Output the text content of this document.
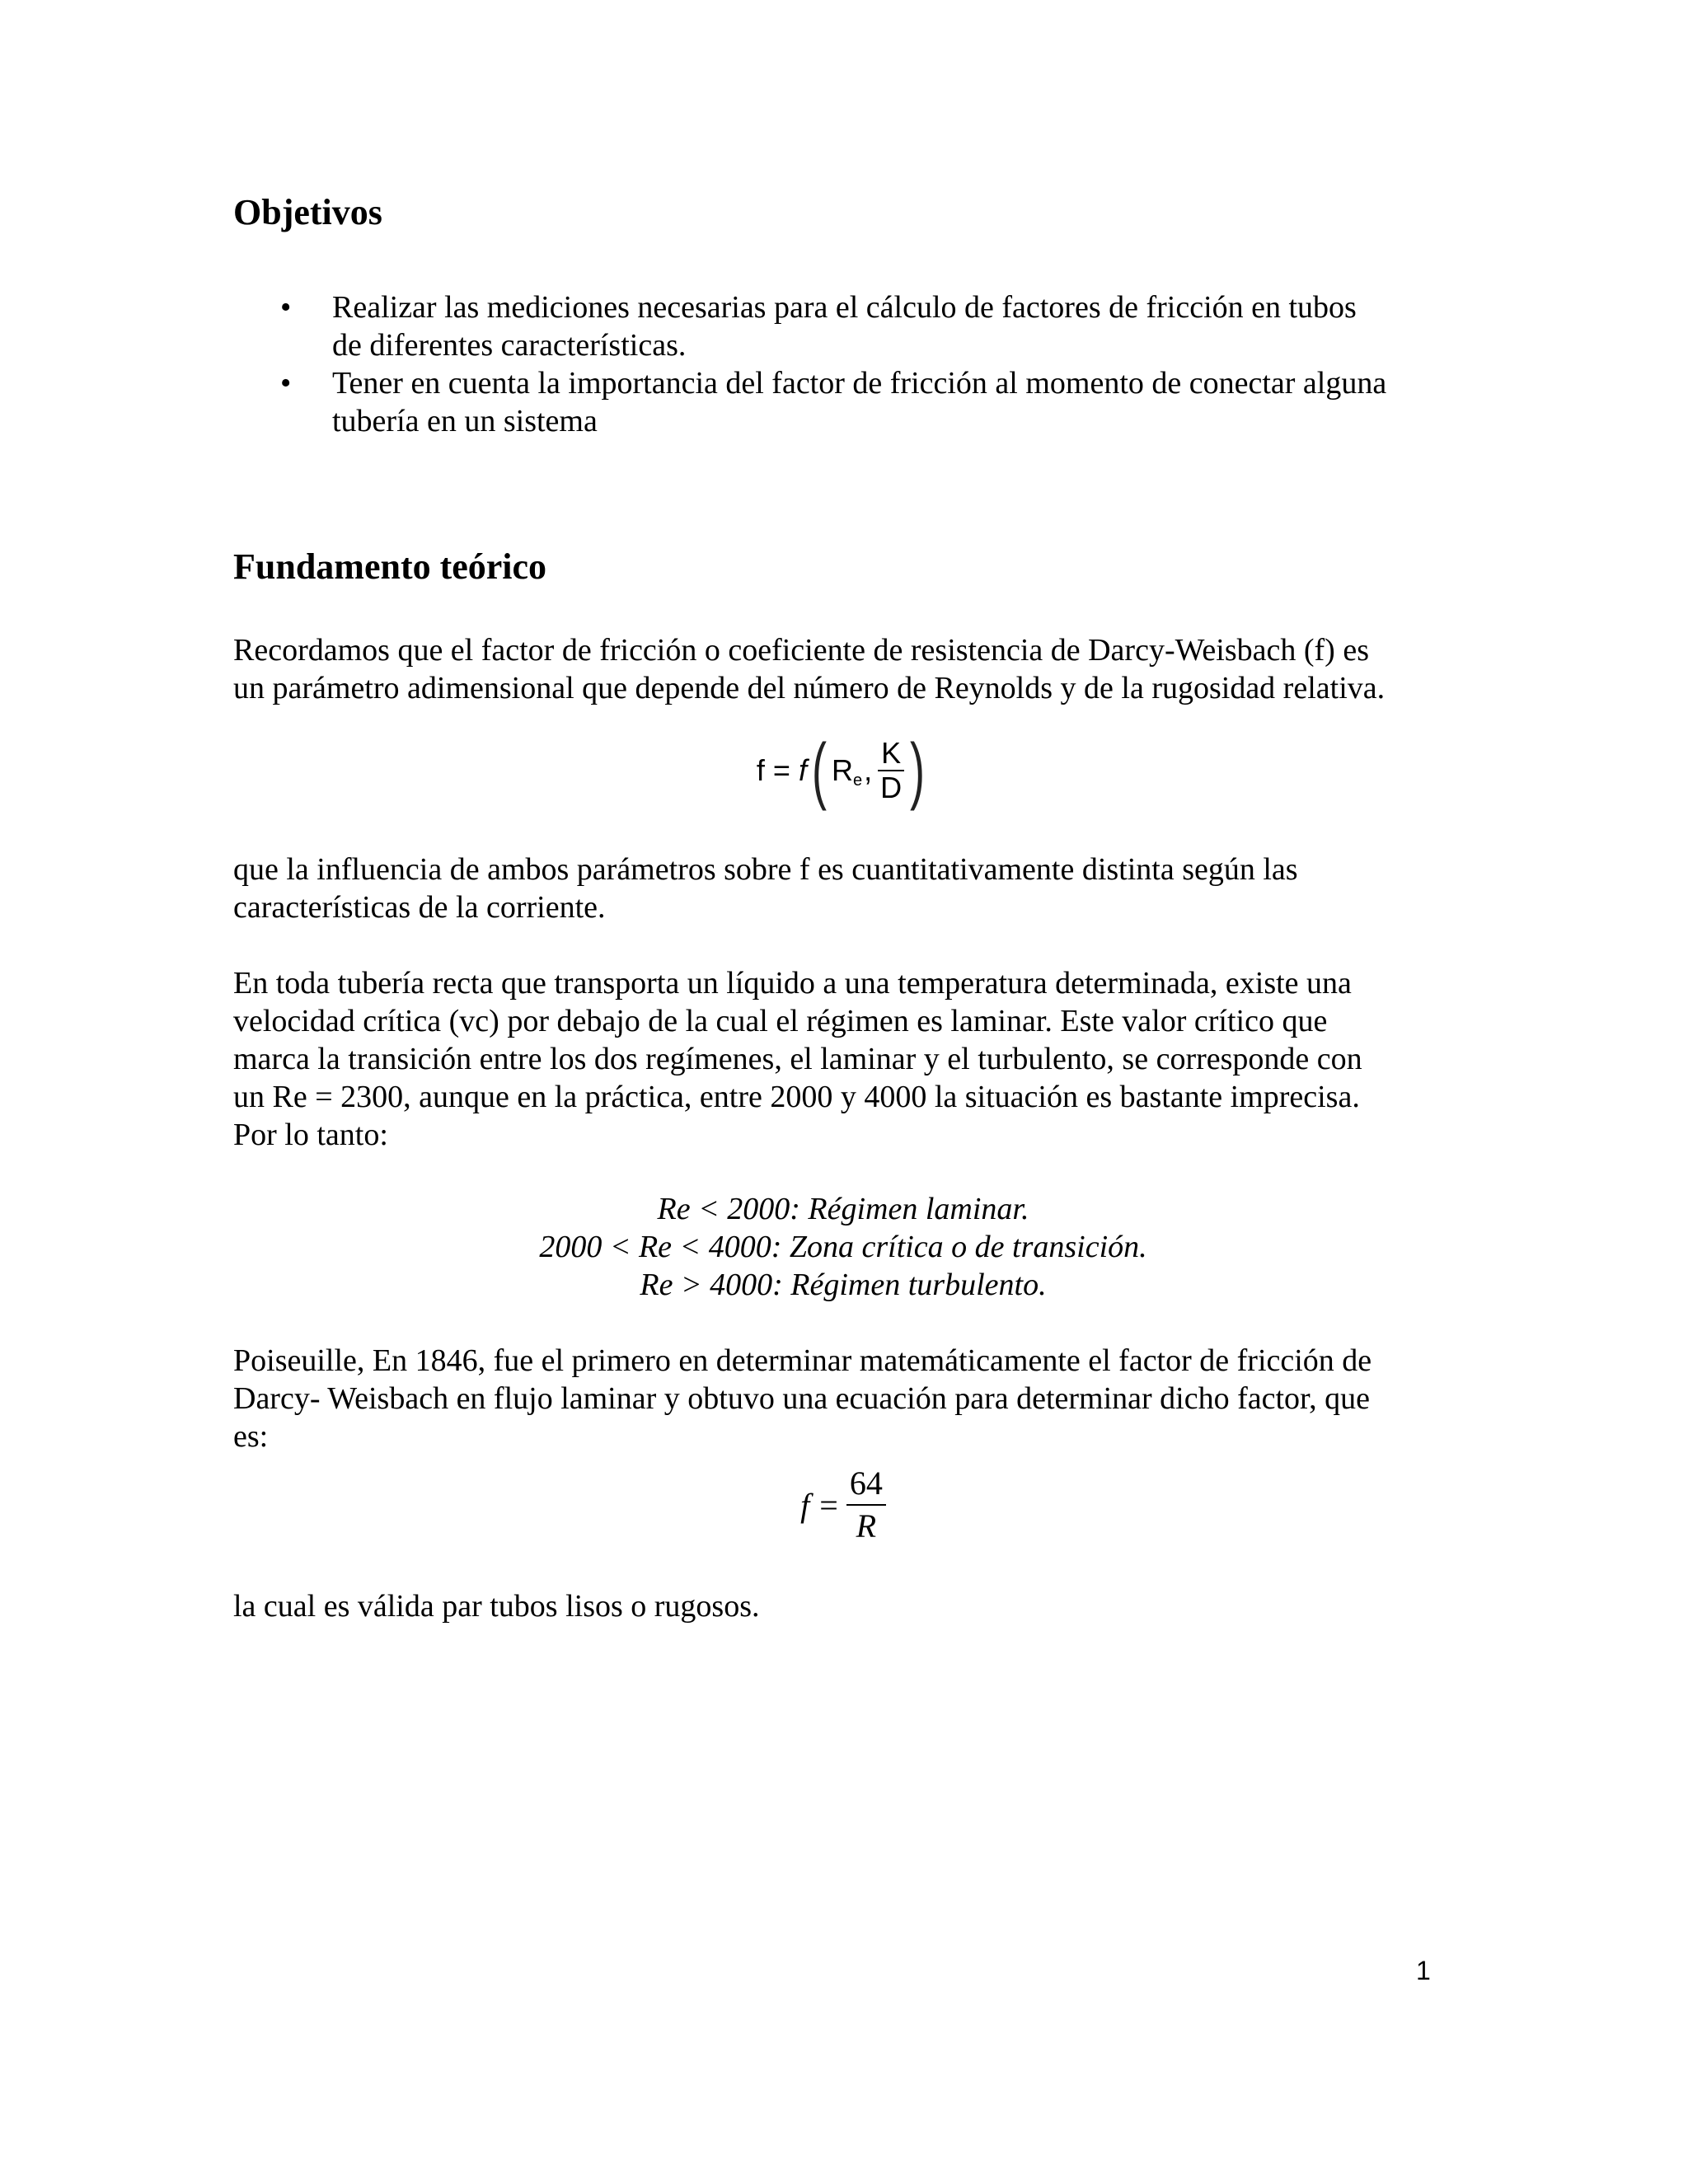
Objetivos
• Realizar las mediciones necesarias para el cálculo de factores de fricción en tubos
de diferentes características.
• Tener en cuenta la importancia del factor de fricción al momento de conectar alguna
tubería en un sistema
Fundamento teórico

Recordamos que el factor de fricción o coeficiente de resistencia de Darcy-Weisbach (f) es
un parámetro adimensional que depende del número de Reynolds y de la rugosidad relativa.

f = f ( R e , $\frac{K}{D}$ )

que la influencia de ambos parámetros sobre f es cuantitativamente distinta según las
características de la corriente.

En toda tubería recta que transporta un líquido a una temperatura determinada, existe una
velocidad crítica (vc) por debajo de la cual el régimen es laminar. Este valor crítico que
marca la transición entre los dos regímenes, el laminar y el turbulento, se corresponde con
un Re = 2300, aunque en la práctica, entre 2000 y 4000 la situación es bastante imprecisa.
Por lo tanto:

Re < 2000: Régimen laminar.
2000 < Re < 4000: Zona crítica o de transición.
Re > 4000: Régimen turbulento.

Poiseuille, En 1846, fue el primero en determinar matemáticamente el factor de fricción de
Darcy- Weisbach en flujo laminar y obtuvo una ecuación para determinar dicho factor, que
es:

$f = \frac{64}{R}$

la cual es válida par tubos lisos o rugosos.

1
